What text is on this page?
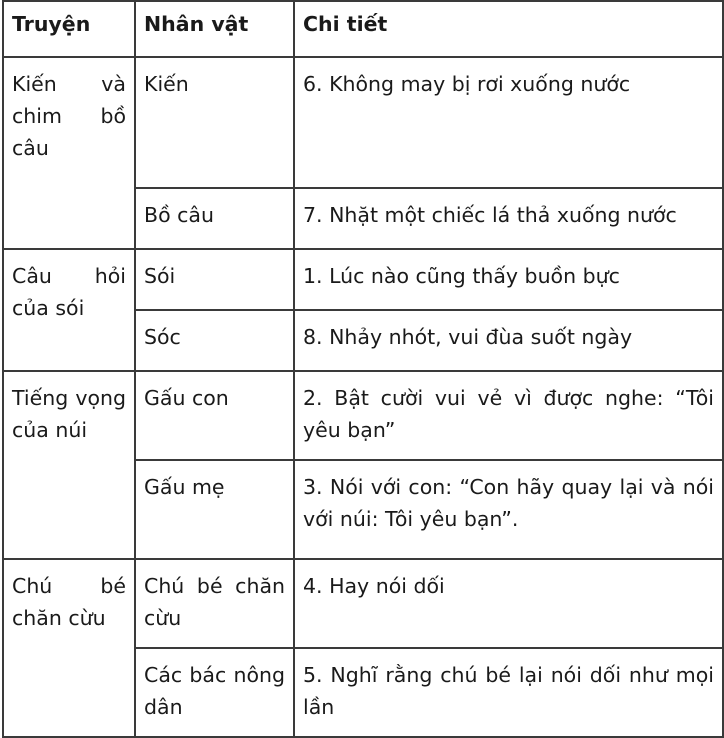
Truyện	Nhân vật	Chi tiết
Kiến và chim bồ câu	Kiến	6. Không may bị rơi xuống nước
	Bồ câu	7. Nhặt một chiếc lá thả xuống nước
Câu hỏi của sói	Sói	1. Lúc nào cũng thấy buồn bực
	Sóc	8. Nhảy nhót, vui đùa suốt ngày
Tiếng vọng của núi	Gấu con	2. Bật cười vui vẻ vì được nghe: “Tôi yêu bạn”
	Gấu mẹ	3. Nói với con: “Con hãy quay lại và nói với núi: Tôi yêu bạn”.
Chú bé chăn cừu	Chú bé chăn cừu	4. Hay nói dối
	Các bác nông dân	5. Nghĩ rằng chú bé lại nói dối như mọi lần
